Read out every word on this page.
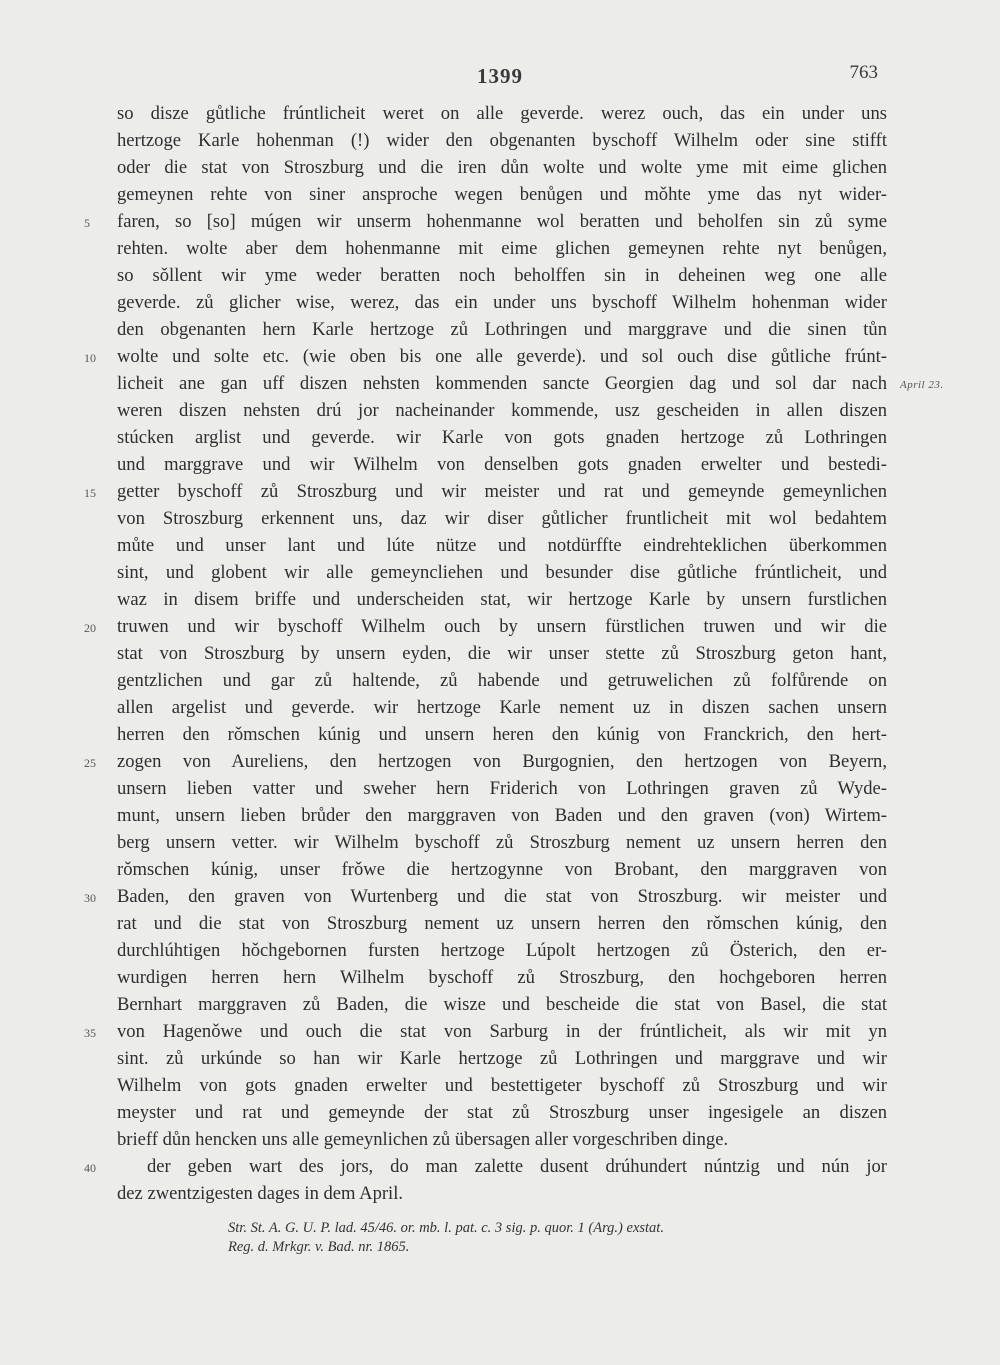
1399	763
so disze gůtliche frúntlicheit weret on alle geverde. werez ouch, das ein under uns
hertzoge Karle hohenman (!) wider den obgenanten byschoff Wilhelm oder sine stifft
oder die stat von Stroszburg und die iren důn wolte und wolte yme mit eime glichen
gemeynen rehte von siner ansproche wegen benůgen und mǒhte yme das nyt wider-
faren, so [so] múgen wir unserm hohenmanne wol beratten und beholfen sin zů syme
5
rehten. wolte aber dem hohenmanne mit eime glichen gemeynen rehte nyt benůgen,
so sǒllent wir yme weder beratten noch beholffen sin in deheinen weg one alle
geverde. zů glicher wise, werez, das ein under uns byschoff Wilhelm hohenman wider
den obgenanten hern Karle hertzoge zů Lothringen und marggrave und die sinen tůn
wolte und solte etc. (wie oben bis one alle geverde). und sol ouch dise gůtliche frúnt-
10
licheit ane gan uff diszen nehsten kommenden sancte Georgien dag und sol dar nach April 23.
weren diszen nehsten drú jor nacheinander kommende, usz gescheiden in allen diszen
stúcken arglist und geverde. wir Karle von gots gnaden hertzoge zů Lothringen
und marggrave und wir Wilhelm von denselben gots gnaden erwelter und bestedi-
getter byschoff zů Stroszburg und wir meister und rat und gemeynde gemeynlichen
15
von Stroszburg erkennent uns, daz wir diser gůtlicher fruntlicheit mit wol bedahtem
můte und unser lant und lúte nütze und notdürffte eindrehteklichen überkommen
sint, und globent wir alle gemeyncliehen und besunder dise gůtliche frúntlicheit, und
waz in disem briffe und underscheiden stat, wir hertzoge Karle by unsern furstlichen
truwen und wir byschoff Wilhelm ouch by unsern fürstlichen truwen und wir die
20
stat von Stroszburg by unsern eyden, die wir unser stette zů Stroszburg geton hant,
gentzlichen und gar zů haltende, zů habende und getruwelichen zů folfůrende on
allen argelist und geverde. wir hertzoge Karle nement uz in diszen sachen unsern
herren den rǒmschen kúnig und unsern heren den kúnig von Franckrich, den hert-
zogen von Aureliens, den hertzogen von Burgognien, den hertzogen von Beyern,
25
unsern lieben vatter und sweher hern Friderich von Lothringen graven zů Wyde-
munt, unsern lieben brůder den marggraven von Baden und den graven (von) Wirtem-
berg unsern vetter. wir Wilhelm byschoff zů Stroszburg nement uz unsern herren den
rǒmschen kúnig, unser frǒwe die hertzogynne von Brobant, den marggraven von
Baden, den graven von Wurtenberg und die stat von Stroszburg. wir meister und
30
rat und die stat von Stroszburg nement uz unsern herren den rǒmschen kúnig, den
durchlúhtigen hǒchgebornen fursten hertzoge Lúpolt hertzogen zů Österich, den er-
wurdigen herren hern Wilhelm byschoff zů Stroszburg, den hochgeboren herren
Bernhart marggraven zů Baden, die wisze und bescheide die stat von Basel, die stat
von Hagenǒwe und ouch die stat von Sarburg in der frúntlicheit, als wir mit yn
35
sint. zů urkúnde so han wir Karle hertzoge zů Lothringen und marggrave und wir
Wilhelm von gots gnaden erwelter und bestettigeter byschoff zů Stroszburg und wir
meyster und rat und gemeynde der stat zů Stroszburg unser ingesigele an diszen
brieff důn hencken uns alle gemeynlichen zů übersagen aller vorgeschriben dinge.
der geben wart des jors, do man zalette dusent drúhundert núntzig und nún jor
40
dez zwentzigesten dages in dem April.
Str. St. A. G. U. P. lad. 45/46. or. mb. l. pat. c. 3 sig. p. quor. 1 (Arg.) exstat.
Reg. d. Mrkgr. v. Bad. nr. 1865.
